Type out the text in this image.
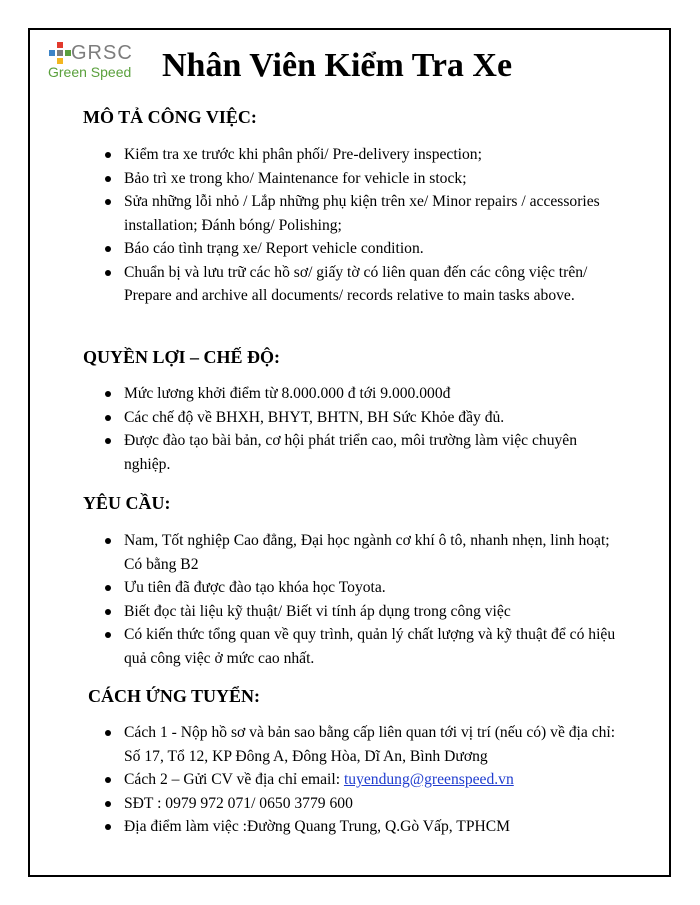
GRSC
Green Speed Nhân Viên Kiểm Tra Xe
MÔ TẢ CÔNG VIỆC:
Kiểm tra xe trước khi phân phối/ Pre-delivery inspection;
Bảo trì xe trong kho/ Maintenance for vehicle in stock;
Sửa những lỗi nhỏ / Lắp những phụ kiện trên xe/ Minor repairs / accessories installation; Đánh bóng/ Polishing;
Báo cáo tình trạng xe/ Report vehicle condition.
Chuẩn bị và lưu trữ các hồ sơ/ giấy tờ có liên quan đến các công việc trên/ Prepare and archive all documents/ records relative to main tasks above.
QUYỀN LỢI – CHẾ ĐỘ:
Mức lương khởi điểm từ 8.000.000 đ tới 9.000.000đ
Các chế độ về BHXH, BHYT, BHTN, BH Sức Khỏe đầy đủ.
Được đào tạo bài bản, cơ hội phát triển cao, môi trường làm việc chuyên nghiệp.
YÊU CẦU:
Nam, Tốt nghiệp Cao đẳng, Đại học ngành cơ khí ô tô, nhanh nhẹn, linh hoạt; Có bằng B2
Ưu tiên đã được đào tạo khóa học Toyota.
Biết đọc tài liệu kỹ thuật/ Biết vi tính áp dụng trong công việc
Có kiến thức tổng quan về quy trình, quản lý chất lượng và kỹ thuật để có hiệu quả công việc ở mức cao nhất.
CÁCH ỨNG TUYỂN:
Cách 1 - Nộp hồ sơ và bản sao bằng cấp liên quan tới vị trí (nếu có) về địa chỉ: Số 17, Tổ 12, KP Đông A, Đông Hòa, Dĩ An, Bình Dương
Cách 2 – Gửi CV về địa chỉ email: tuyendung@greenspeed.vn
SĐT : 0979 972 071/ 0650 3779 600
Địa điểm làm việc :Đường Quang Trung, Q.Gò Vấp, TPHCM
